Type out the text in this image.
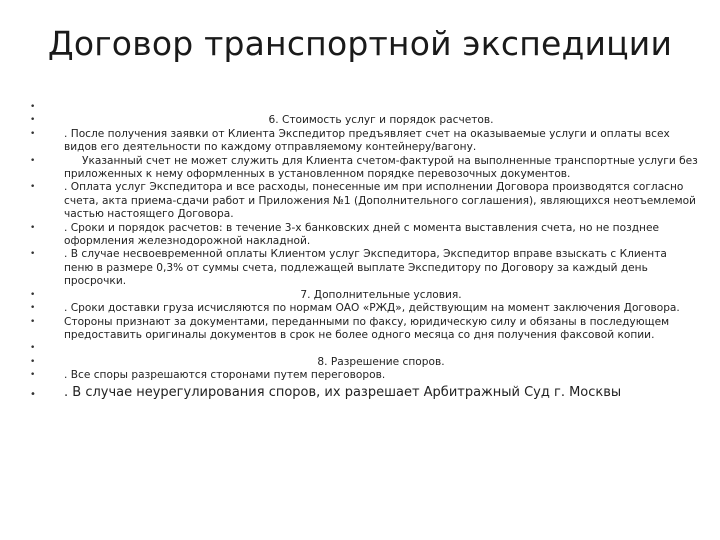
Договор транспортной экспедиции
•

•	6. Стоимость услуг и порядок расчетов.
•	. После получения заявки от Клиента Экспедитор предъявляет счет на оказываемые услуги и оплаты всех видов его деятельности по каждому отправляемому контейнеру/вагону.
•	Указанный счет не может служить для Клиента счетом-фактурой на выполненные транспортные услуги без приложенных к нему оформленных в установленном порядке перевозочных документов.
•	. Оплата услуг Экспедитора и все расходы, понесенные им при исполнении Договора производятся согласно счета, акта приема-сдачи работ и Приложения №1 (Дополнительного соглашения), являющихся неотъемлемой частью настоящего Договора.
•	. Сроки и порядок расчетов: в течение 3-х банковских дней с момента выставления счета, но не позднее оформления железнодорожной накладной.
•	. В случае несвоевременной оплаты Клиентом услуг Экспедитора, Экспедитор вправе взыскать с Клиента пеню в размере 0,3% от суммы счета, подлежащей выплате Экспедитору по Договору за каждый день просрочки.
•	7. Дополнительные условия.
•	. Сроки доставки груза исчисляются по нормам ОАО «РЖД», действующим на момент заключения Договора.
•	Стороны признают за документами, переданными по факсу, юридическую силу и обязаны в последующем предоставить оригиналы документов в срок не более одного месяца со дня получения факсовой копии.
•

•	8. Разрешение споров.
•	. Все споры разрешаются сторонами путем переговоров.
• . В случае неурегулирования споров, их разрешает Арбитражный Суд г. Москвы
